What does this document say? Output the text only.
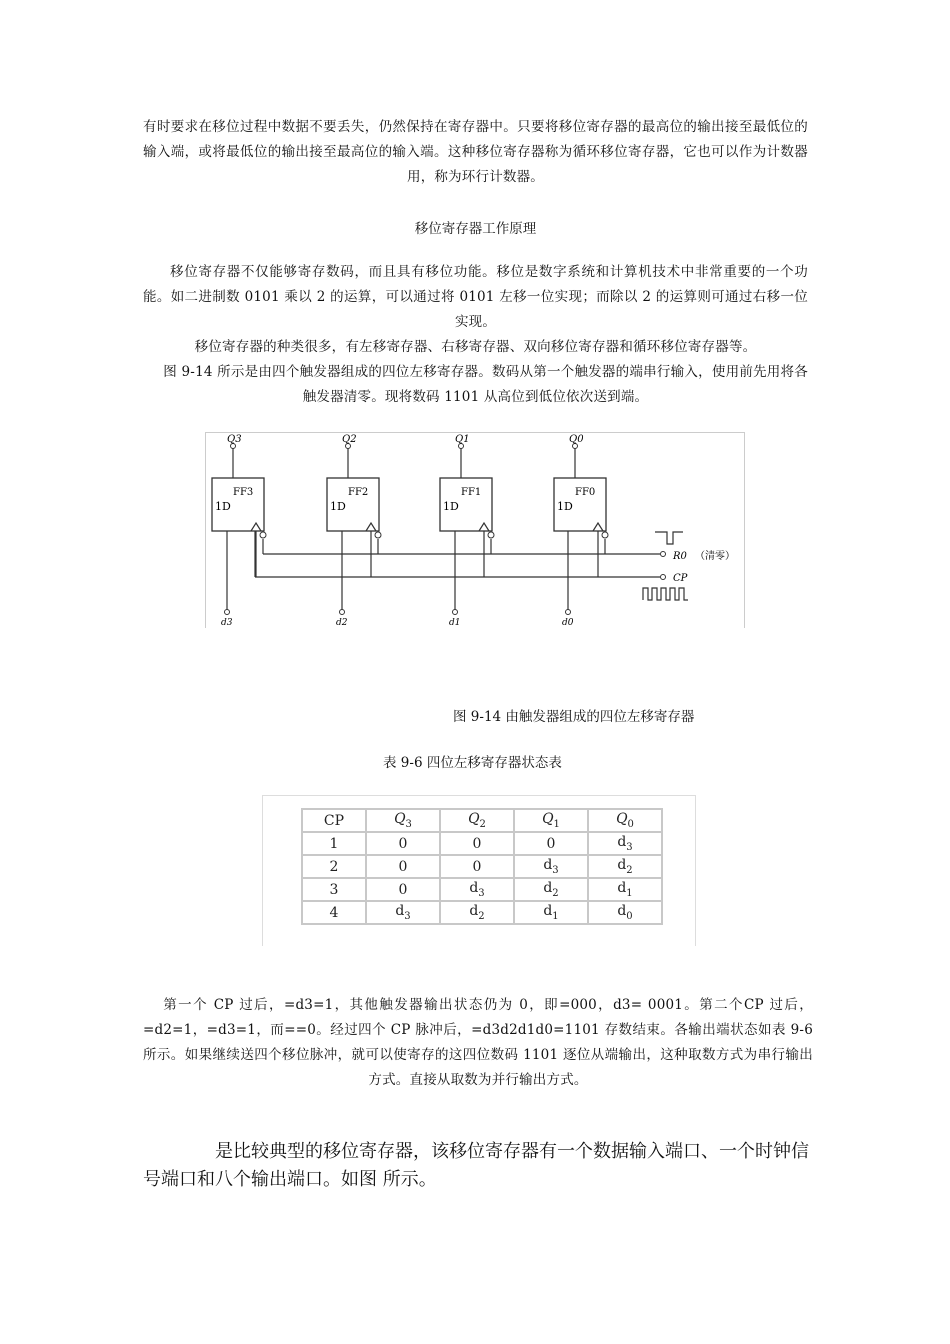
有时要求在移位过程中数据不要丢失，仍然保持在寄存器中。只要将移位寄存器的最高位的输出接至最低位的输入端，或将最低位的输出接至最高位的输入端。这种移位寄存器称为循环移位寄存器，它也可以作为计数器用，称为环行计数器。
移位寄存器工作原理
移位寄存器不仅能够寄存数码，而且具有移位功能。移位是数字系统和计算机技术中非常重要的一个功能。如二进制数 0101 乘以 2 的运算，可以通过将 0101 左移一位实现；而除以 2 的运算则可通过右移一位实现。
移位寄存器的种类很多，有左移寄存器、右移寄存器、双向移位寄存器和循环移位寄存器等。
图 9-14 所示是由四个触发器组成的四位左移寄存器。数码从第一个触发器的端串行输入，使用前先用将各触发器清零。现将数码 1101 从高位到低位依次送到端。
FF3
1D
Q3
d3
FF2
1D
Q2
d2
FF1
1D
Q1
d1
FF0
1D
Q0
d0
R0 （清零）
CP
图 9-14 由触发器组成的四位左移寄存器
表 9-6 四位左移寄存器状态表
CP	$Q_3$	$Q_2$	$Q_1$	$Q_0$
1	0	0	0	$d_3$
2	0	0	$d_3$	$d_2$
3	0	$d_3$	$d_2$	$d_1$
4	$d_3$	$d_2$	$d_1$	$d_0$
第一个 CP 过后，=d3=1，其他触发器输出状态仍为 0，即=000，d3= 0001。第二个CP 过后，=d2=1，=d3=1，而==0。经过四个 CP 脉冲后，=d3d2d1d0=1101 存数结束。各输出端状态如表 9-6 所示。如果继续送四个移位脉冲，就可以使寄存的这四位数码 1101 逐位从端输出，这种取数方式为串行输出方式。直接从取数为并行输出方式。
是比较典型的移位寄存器，该移位寄存器有一个数据输入端口、一个时钟信号端口和八个输出端口。如图 所示。
